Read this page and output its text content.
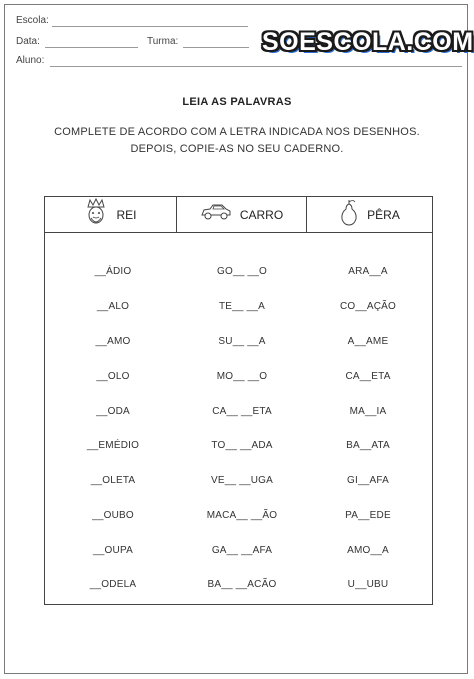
Escola:
Data:	Turma:
Aluno:
SOESCOLA.COM
LEIA AS PALAVRAS
COMPLETE DE ACORDO COM A LETRA INDICADA NOS DESENHOS.
DEPOIS, COPIE-AS NO SEU CADERNO.
REI	CARRO	PÊRA
__ÁDIO	GO__ __O	ARA__A
__ALO	TE__ __A	CO__AÇÃO
__AMO	SU__ __A	A__AME
__OLO	MO__ __O	CA__ETA
__ODA	CA__ __ETA	MA__IA
__EMÉDIO	TO__ __ADA	BA__ATA
__OLETA	VE__ __UGA	GI__AFA
__OUBO	MACA__ __ÃO	PA__EDE
__OUPA	GA__ __AFA	AMO__A
__ODELA	BA__ __ACÃO	U__UBU
